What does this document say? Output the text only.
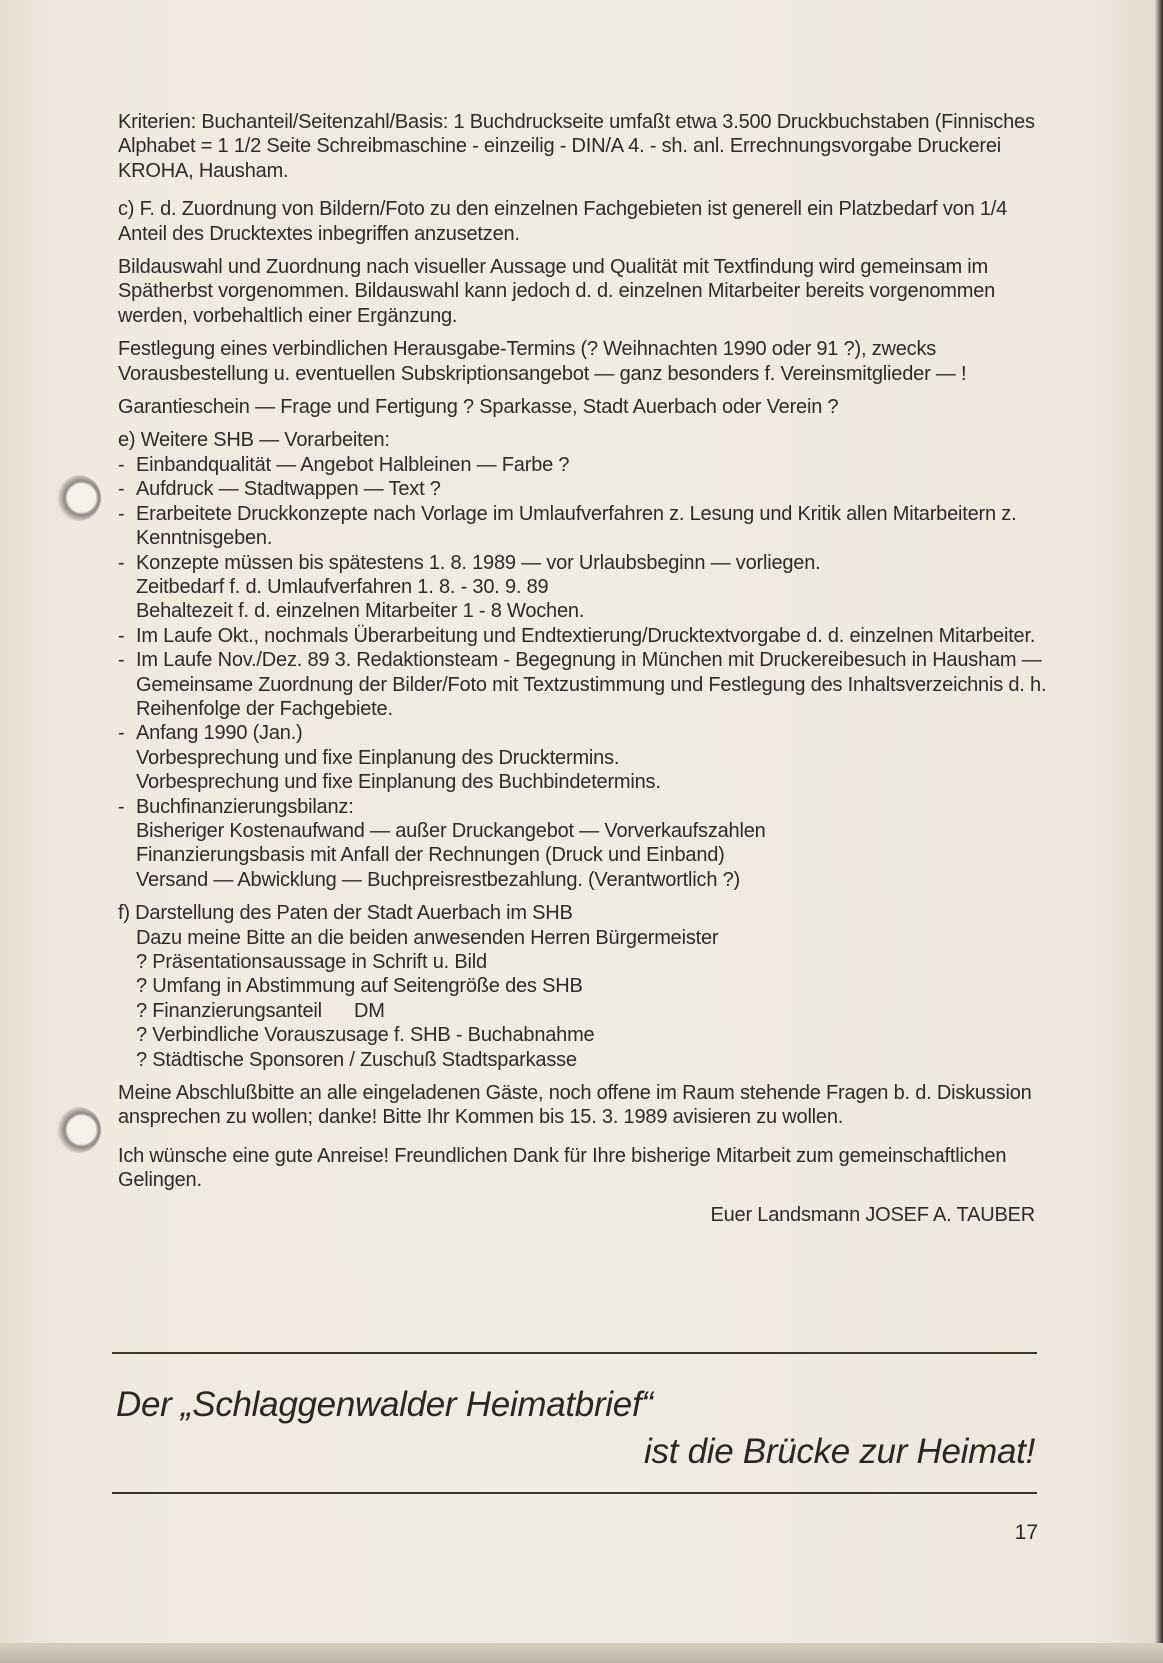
Kriterien: Buchanteil/Seitenzahl/Basis: 1 Buchdruckseite umfaßt etwa 3.500 Druckbuchstaben (Finnisches Alphabet = 1 1/2 Seite Schreibmaschine - einzeilig - DIN/A 4. - sh. anl. Errechnungsvorgabe Druckerei KROHA, Hausham.

c) F. d. Zuordnung von Bildern/Foto zu den einzelnen Fachgebieten ist generell ein Platzbedarf von 1/4 Anteil des Drucktextes inbegriffen anzusetzen.

Bildauswahl und Zuordnung nach visueller Aussage und Qualität mit Textfindung wird gemeinsam im Spätherbst vorgenommen. Bildauswahl kann jedoch d. d. einzelnen Mitarbeiter bereits vorgenommen werden, vorbehaltlich einer Ergänzung.

Festlegung eines verbindlichen Herausgabe-Termins (? Weihnachten 1990 oder 91 ?), zwecks Vorausbestellung u. eventuellen Subskriptionsangebot — ganz besonders f. Vereinsmitglieder — !

Garantieschein — Frage und Fertigung ? Sparkasse, Stadt Auerbach oder Verein ?

e) Weitere SHB — Vorarbeiten:

- Einbandqualität — Angebot Halbleinen — Farbe ?
- Aufdruck — Stadtwappen — Text ?
- Erarbeitete Druckkonzepte nach Vorlage im Umlaufverfahren z. Lesung und Kritik allen Mitarbeitern z. Kenntnisgeben.
- Konzepte müssen bis spätestens 1. 8. 1989 — vor Urlaubsbeginn — vorliegen.
Zeitbedarf f. d. Umlaufverfahren 1. 8. - 30. 9. 89
Behaltezeit f. d. einzelnen Mitarbeiter 1 - 8 Wochen.
- Im Laufe Okt., nochmals Überarbeitung und Endtextierung/Drucktextvorgabe d. d. einzelnen Mitarbeiter.
- Im Laufe Nov./Dez. 89 3. Redaktionsteam - Begegnung in München mit Druckereibesuch in Hausham — Gemeinsame Zuordnung der Bilder/Foto mit Textzustimmung und Festlegung des Inhaltsverzeichnis d. h. Reihenfolge der Fachgebiete.
- Anfang 1990 (Jan.)
Vorbesprechung und fixe Einplanung des Drucktermins.
Vorbesprechung und fixe Einplanung des Buchbindetermins.
- Buchfinanzierungsbilanz:
Bisheriger Kostenaufwand — außer Druckangebot — Vorverkaufszahlen
Finanzierungsbasis mit Anfall der Rechnungen (Druck und Einband)
Versand — Abwicklung — Buchpreisrestbezahlung. (Verantwortlich ?)

f) Darstellung des Paten der Stadt Auerbach im SHB

Dazu meine Bitte an die beiden anwesenden Herren Bürgermeister
? Präsentationsaussage in Schrift u. Bild
? Umfang in Abstimmung auf Seitengröße des SHB
? Finanzierungsanteil      DM
? Verbindliche Vorauszusage f. SHB - Buchabnahme
? Städtische Sponsoren / Zuschuß Stadtsparkasse

Meine Abschlußbitte an alle eingeladenen Gäste, noch offene im Raum stehende Fragen b. d. Diskussion ansprechen zu wollen; danke! Bitte Ihr Kommen bis 15. 3. 1989 avisieren zu wollen.

Ich wünsche eine gute Anreise! Freundlichen Dank für Ihre bisherige Mitarbeit zum gemeinschaftlichen Gelingen.

Euer Landsmann JOSEF A. TAUBER
Der „Schlaggenwalder Heimatbrief“
ist die Brücke zur Heimat!
17
